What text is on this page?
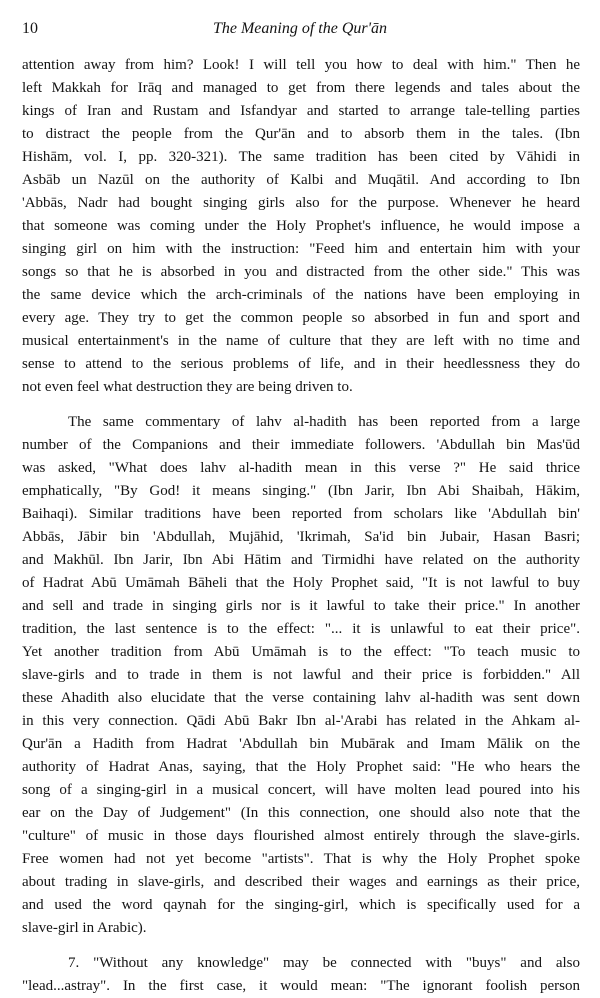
10	The Meaning of the Qur'ān

attention away from him? Look! I will tell you how to deal with him." Then he
left Makkah for Irāq and managed to get from there legends and tales about the
kings of Iran and Rustam and Isfandyar and started to arrange tale-telling parties
to distract the people from the Qur'ān and to absorb them in the tales. (Ibn
Hishām, vol. I, pp. 320-321). The same tradition has been cited by Vāhidi in
Asbāb un Nazūl on the authority of Kalbi and Muqātil. And according to Ibn
'Abbās, Nadr had bought singing girls also for the purpose. Whenever he heard
that someone was coming under the Holy Prophet's influence, he would impose a
singing girl on him with the instruction: "Feed him and entertain him with your
songs so that he is absorbed in you and distracted from the other side." This was
the same device which the arch-criminals of the nations have been employing in
every age. They try to get the common people so absorbed in fun and sport and
musical entertainment's in the name of culture that they are left with no time and
sense to attend to the serious problems of life, and in their heedlessness they do
not even feel what destruction they are being driven to.

The same commentary of lahv al-hadith has been reported from a large
number of the Companions and their immediate followers. 'Abdullah bin Mas'ūd
was asked, "What does lahv al-hadith mean in this verse ?" He said thrice
emphatically, "By God! it means singing." (Ibn Jarir, Ibn Abi Shaibah, Hākim,
Baihaqi). Similar traditions have been reported from scholars like 'Abdullah bin'
Abbās, Jābir bin 'Abdullah, Mujāhid, 'Ikrimah, Sa'id bin Jubair, Hasan Basri;
and Makhūl. Ibn Jarir, Ibn Abi Hātim and Tirmidhi have related on the authority
of Hadrat Abū Umāmah Bāheli that the Holy Prophet said, "It is not lawful to buy
and sell and trade in singing girls nor is it lawful to take their price." In another
tradition, the last sentence is to the effect: "... it is unlawful to eat their price".
Yet another tradition from Abū Umāmah is to the effect: "To teach music to
slave-girls and to trade in them is not lawful and their price is forbidden." All
these Ahadith also elucidate that the verse containing lahv al-hadith was sent down
in this very connection. Qādi Abū Bakr Ibn al-'Arabi has related in the Ahkam al-
Qur'ān a Hadith from Hadrat 'Abdullah bin Mubārak and Imam Mālik on the
authority of Hadrat Anas, saying, that the Holy Prophet said: "He who hears the
song of a singing-girl in a musical concert, will have molten lead poured into his
ear on the Day of Judgement" (In this connection, one should also note that the
"culture" of music in those days flourished almost entirely through the slave-girls.
Free women had not yet become "artists". That is why the Holy Prophet spoke
about trading in slave-girls, and described their wages and earnings as their price,
and used the word qaynah for the singing-girl, which is specifically used for a
slave-girl in Arabic).

7. "Without any knowledge" may be connected with "buys" and also
"lead...astray". In the first case, it would mean: "The ignorant foolish person
